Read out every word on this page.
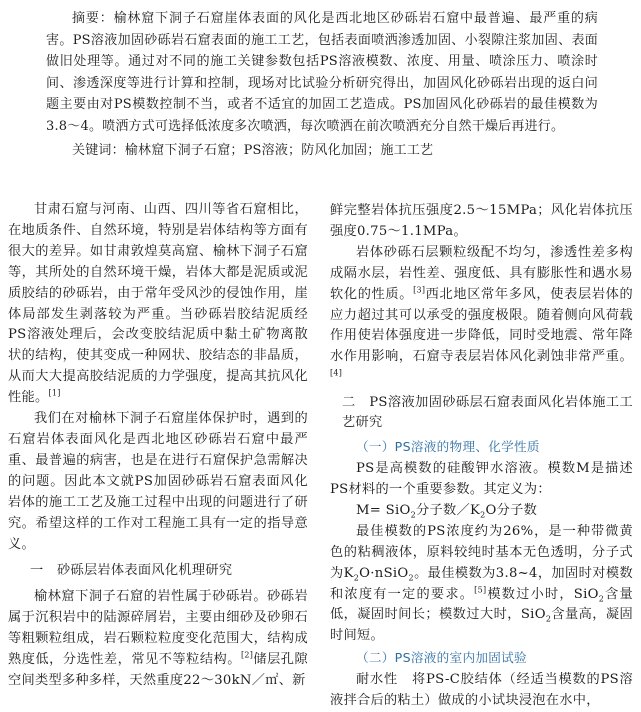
摘要：榆林窟下洞子石窟崖体表面的风化是西北地区砂砾岩石窟中最普遍、最严重的病害。PS溶液加固砂砾岩石窟表面的施工工艺，包括表面喷洒渗透加固、小裂隙注浆加固、表面做旧处理等。通过对不同的施工关键参数包括PS溶液模数、浓度、用量、喷涂压力、喷涂时间、渗透深度等进行计算和控制，现场对比试验分析研究得出，加固风化砂砾岩出现的返白问题主要由对PS模数控制不当，或者不适宜的加固工艺造成。PS加固风化砂砾岩的最佳模数为3.8～4。喷洒方式可选择低浓度多次喷洒，每次喷洒在前次喷洒充分自然干燥后再进行。

关键词：榆林窟下洞子石窟；PS溶液；防风化加固；施工工艺

甘肃石窟与河南、山西、四川等省石窟相比，在地质条件、自然环境，特别是岩体结构等方面有很大的差异。如甘肃敦煌莫高窟、榆林下洞子石窟等，其所处的自然环境干燥，岩体大都是泥质或泥质胶结的砂砾岩，由于常年受风沙的侵蚀作用，崖体局部发生剥落较为严重。当砂砾岩胶结泥质经PS溶液处理后，会改变胶结泥质中黏土矿物离散状的结构，使其变成一种网状、胶结态的非晶质，从而大大提高胶结泥质的力学强度，提高其抗风化性能。[1]

我们在对榆林下洞子石窟崖体保护时，遇到的石窟岩体表面风化是西北地区砂砾岩石窟中最严重、最普遍的病害，也是在进行石窟保护急需解决的问题。因此本文就PS加固砂砾岩石窟表面风化岩体的施工工艺及施工过程中出现的问题进行了研究。希望这样的工作对工程施工具有一定的指导意义。

一　砂砾层岩体表面风化机理研究

榆林窟下洞子石窟的岩性属于砂砾岩。砂砾岩属于沉积岩中的陆源碎屑岩，主要由细砂及砂卵石等粗颗粒组成，岩石颗粒粒度变化范围大，结构成熟度低，分选性差，常见不等粒结构。[2]储层孔隙空间类型多种多样，天然重度22～30kN／㎡、新

鲜完整岩体抗压强度2.5～15MPa；风化岩体抗压强度0.75～1.1MPa。

岩体砂砾石层颗粒级配不均匀，渗透性差多构成隔水层，岩性差、强度低、具有膨胀性和遇水易软化的性质。[3]西北地区常年多风，使表层岩体的应力超过其可以承受的强度极限。随着侧向风荷载作用使岩体强度进一步降低，同时受地震、常年降水作用影响，石窟寺表层岩体风化剥蚀非常严重。[4]

二　PS溶液加固砂砾层石窟表面风化岩体施工工艺研究

（一）PS溶液的物理、化学性质

PS是高模数的硅酸钾水溶液。模数M是描述PS材料的一个重要参数。其定义为：

M= SiO$_2$分子数$/K_2O$分子数

最佳模数的PS浓度约为26%，是一种带微黄色的粘稠液体，原料较纯时基本无色透明，分子式为$K_2O\cdot nSiO_2$。最佳模数为3.8~4，加固时对模数和浓度有一定的要求。[5]模数过小时，SiO$_2$含量低，凝固时间长；模数过大时，SiO$_2$含量高，凝固时间短。

（二）PS溶液的室内加固试验

耐水性　将PS-C胶结体（经适当模数的PS溶液拌合后的粘土）做成的小试块浸泡在水中，
